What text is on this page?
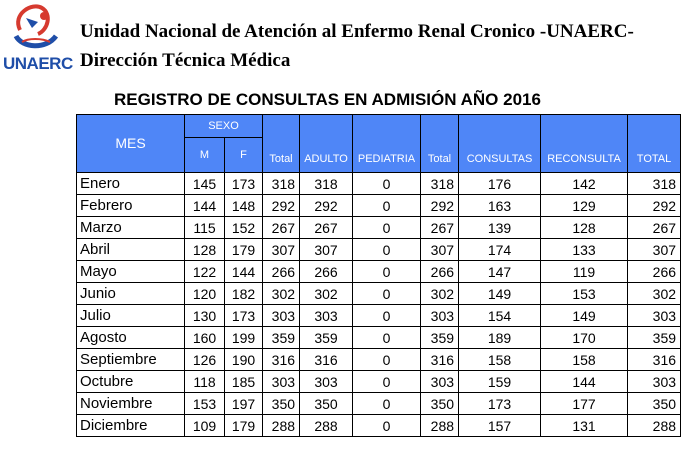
UNAERC
Unidad Nacional de Atención al Enfermo Renal Cronico -UNAERC-
Dirección Técnica Médica
REGISTRO DE CONSULTAS EN ADMISIÓN AÑO 2016
MES	SEXO		Total	ADULTO	PEDIATRIA	Total	CONSULTAS	RECONSULTA	TOTAL
	M	F							
Enero	145	173	318	318	0	318	176	142	318
Febrero	144	148	292	292	0	292	163	129	292
Marzo	115	152	267	267	0	267	139	128	267
Abril	128	179	307	307	0	307	174	133	307
Mayo	122	144	266	266	0	266	147	119	266
Junio	120	182	302	302	0	302	149	153	302
Julio	130	173	303	303	0	303	154	149	303
Agosto	160	199	359	359	0	359	189	170	359
Septiembre	126	190	316	316	0	316	158	158	316
Octubre	118	185	303	303	0	303	159	144	303
Noviembre	153	197	350	350	0	350	173	177	350
Diciembre	109	179	288	288	0	288	157	131	288
